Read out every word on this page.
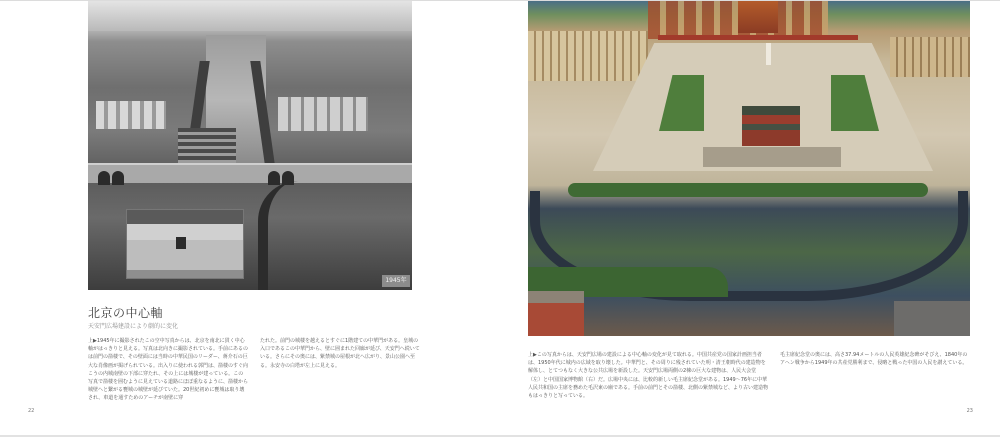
1945年
北京の中心軸
天安門広場建設により劇的に変化

上▶1945年に撮影されたこの空中写真からは、北京を南北に貫く中心軸がはっきりと見える。写真は北向きに撮影されている。手前にあるのは前門の箭楼で、その壁面には当時の中華民国のリーダー、蒋介石の巨大な肖像画が掲げられている。出入りに使われる郭門は、箭楼のすぐ向こうの内城南壁の下部に穿たれ、その上には城楼が建っている。この写真で箭楼を囲むように見えている道路にほぼ重なるように、箭楼から城壁へと繋がる甕城の城壁が延びていた。20世紀初めに甕城は取り壊され、車道を通すためのアーチが南壁に穿

たれた。前門の城楼を越えるとすぐに1階建ての中華門がある。皇城の入口であるこの中華門から、壁に囲まれた回廊が延び、天安門へ続いている。さらにその奥には、紫禁城の屋根が北へ広がり、景山公園へ至る。永安寺の白塔が左上に見える。

22

上▶この写真からは、天安門広場の建設による中心軸の変化が見て取れる。中国共産党の国家計画担当者は、1950年代に城内の広域を取り壊した。中華門と、その周りに残されていた明・清王朝時代の建造物を解体し、とてつもなく大きな公共広場を新設した。天安門広場両側の2棟の巨大な建物は、人民大会堂（左）と中国国家博物館（右）だ。広場中央には、比較的新しい毛主席紀念堂がある。1949～76年に中華人民共和国の主席を務めた毛沢東の廟である。手前の前門とその箭楼、北側の紫禁城など、より古い建造物もはっきりと写っている。

毛主席紀念堂の奥には、高さ37.94メートルの人民英雄紀念碑がそびえ、1840年のアヘン戦争から1949年の共産党勝利まで、侵略と戦った中国の人民を讃えている。

23
